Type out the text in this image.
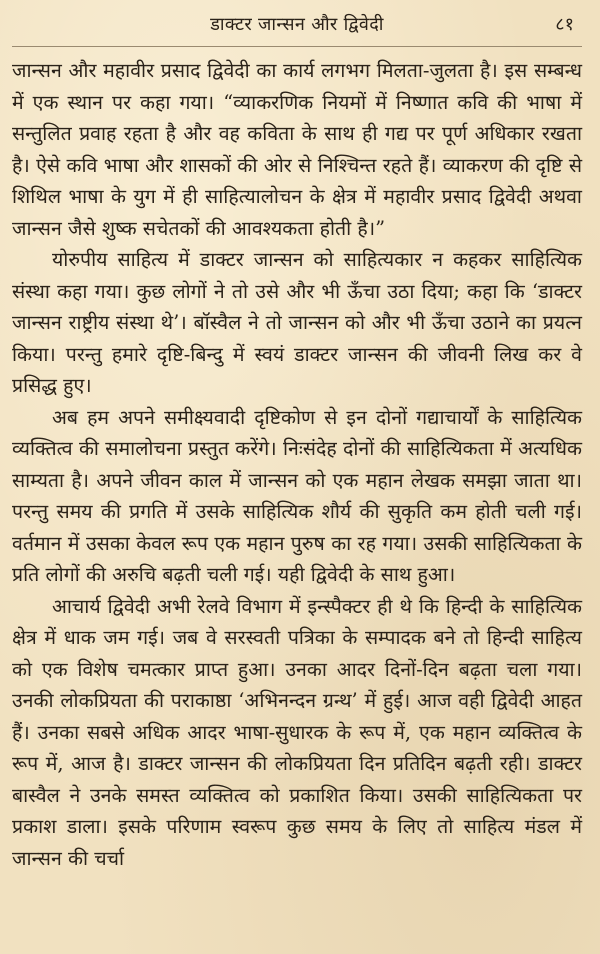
डाक्टर जान्सन और द्विवेदी	८१

जान्सन और महावीर प्रसाद द्विवेदी का कार्य लगभग मिलता-जुलता है। इस सम्बन्ध में एक स्थान पर कहा गया। “व्याकरणिक नियमों में निष्णात कवि की भाषा में सन्तुलित प्रवाह रहता है और वह कविता के साथ ही गद्य पर पूर्ण अधिकार रखता है। ऐसे कवि भाषा और शासकों की ओर से निश्चिन्त रहते हैं। व्याकरण की दृष्टि से शिथिल भाषा के युग में ही साहित्यालोचन के क्षेत्र में महावीर प्रसाद द्विवेदी अथवा जान्सन जैसे शुष्क सचेतकों की आवश्यकता होती है।”

योरुपीय साहित्य में डाक्टर जान्सन को साहित्यकार न कहकर साहित्यिक संस्था कहा गया। कुछ लोगों ने तो उसे और भी ऊँचा उठा दिया; कहा कि ‘डाक्टर जान्सन राष्ट्रीय संस्था थे’। बॉस्वैल ने तो जान्सन को और भी ऊँचा उठाने का प्रयत्न किया। परन्तु हमारे दृष्टि-बिन्दु में स्वयं डाक्टर जान्सन की जीवनी लिख कर वे प्रसिद्ध हुए।

अब हम अपने समीक्ष्यवादी दृष्टिकोण से इन दोनों गद्याचार्यों के साहित्यिक व्यक्तित्व की समालोचना प्रस्तुत करेंगे। निःसंदेह दोनों की साहित्यिकता में अत्यधिक साम्यता है। अपने जीवन काल में जान्सन को एक महान लेखक समझा जाता था। परन्तु समय की प्रगति में उसके साहित्यिक शौर्य की सुकृति कम होती चली गई। वर्तमान में उसका केवल रूप एक महान पुरुष का रह गया। उसकी साहित्यिकता के प्रति लोगों की अरुचि बढ़ती चली गई। यही द्विवेदी के साथ हुआ।

आचार्य द्विवेदी अभी रेलवे विभाग में इन्स्पैक्टर ही थे कि हिन्दी के साहित्यिक क्षेत्र में धाक जम गई। जब वे सरस्वती पत्रिका के सम्पादक बने तो हिन्दी साहित्य को एक विशेष चमत्कार प्राप्त हुआ। उनका आदर दिनों-दिन बढ़ता चला गया। उनकी लोकप्रियता की पराकाष्ठा ‘अभिनन्दन ग्रन्थ’ में हुई। आज वही द्विवेदी आहत हैं। उनका सबसे अधिक आदर भाषा-सुधारक के रूप में, एक महान व्यक्तित्व के रूप में, आज है। डाक्टर जान्सन की लोकप्रियता दिन प्रतिदिन बढ़ती रही। डाक्टर बास्वैल ने उनके समस्त व्यक्तित्व को प्रकाशित किया। उसकी साहित्यिकता पर प्रकाश डाला। इसके परिणाम स्वरूप कुछ समय के लिए तो साहित्य मंडल में जान्सन की चर्चा
